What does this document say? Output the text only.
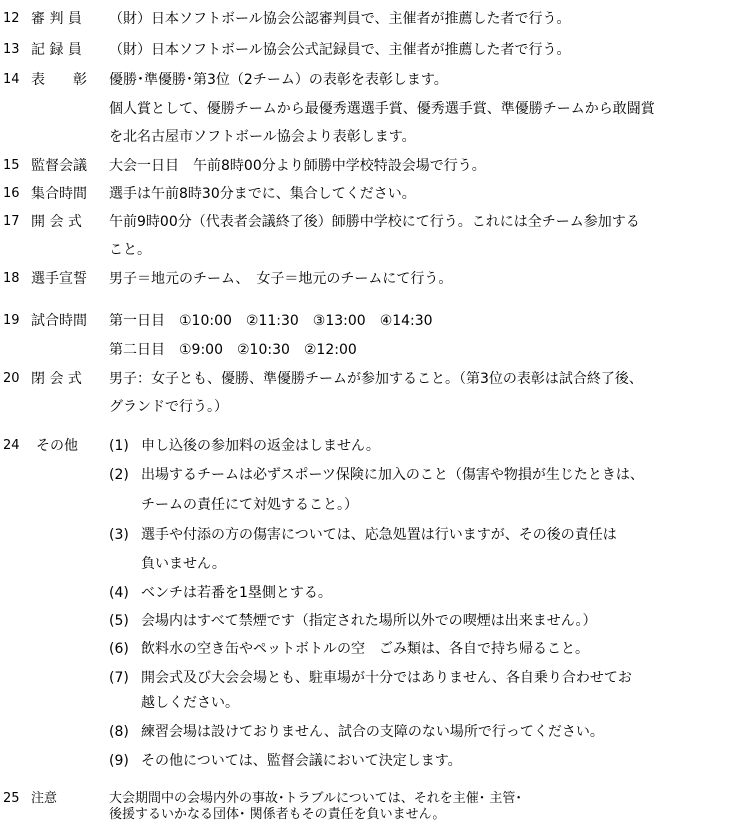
12 審 判 員 （財）日本ソフトボール協会公認審判員で、主催者が推薦した者で行う。
13 記 録 員 （財）日本ソフトボール協会公式記録員で、主催者が推薦した者で行う。
14 表　　彰 優勝･準優勝･第3位（2チーム）の表彰を表彰します。
個人賞として、優勝チームから最優秀選選手賞、優秀選手賞、準優勝チームから敢闘賞
を北名古屋市ソフトボール協会より表彰します。
15 監督会議 大会一日目　午前8時00分より師勝中学校特設会場で行う。
16 集合時間 選手は午前8時30分までに、集合してください。
17 開 会 式 午前9時00分（代表者会議終了後）師勝中学校にて行う。これには全チーム参加する
こと。
18 選手宣誓 男子＝地元のチーム、　女子＝地元のチームにて行う。
19 試合時間 第一日目　①10:00　②11:30　③13:00　④14:30
第二日目　①9:00　②10:30　②12:00
20 閉 会 式 男子：女子とも、優勝、準優勝チームが参加すること。（第3位の表彰は試合終了後、
グランドで行う。）
24 その他 (1) 申し込後の参加料の返金はしません。
(2) 出場するチームは必ずスポーツ保険に加入のこと（傷害や物損が生じたときは、
チームの責任にて対処すること。）
(3) 選手や付添の方の傷害については、応急処置は行いますが、その後の責任は
負いません。
(4) ベンチは若番を1塁側とする。
(5) 会場内はすべて禁煙です（指定された場所以外での喫煙は出来ません。）
(6) 飲料水の空き缶やペットボトルの空　ごみ類は、各自で持ち帰ること。
(7) 開会式及び大会会場とも、駐車場が十分ではありません、各自乗り合わせてお
越しください。
(8) 練習会場は設けておりません、試合の支障のない場所で行ってください。
(9) その他については、監督会議において決定します。
25 注意	大会期間中の会場内外の事故･トラブルについては、それを主催･ 主管･
後援するいかなる団体･ 関係者もその責任を負いません。
